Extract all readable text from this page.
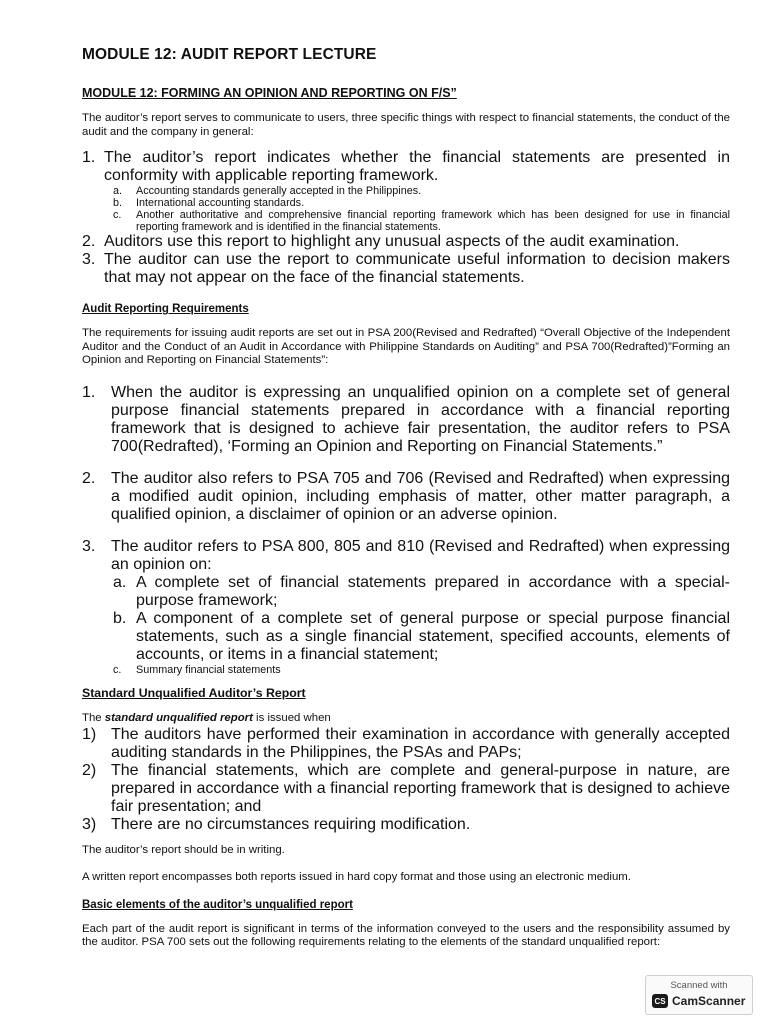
MODULE 12: AUDIT REPORT LECTURE
MODULE 12: FORMING AN OPINION AND REPORTING ON F/S”

The auditor’s report serves to communicate to users, three specific things with respect to financial statements, the conduct of the audit and the company in general:

1. The auditor’s report indicates whether the financial statements are presented in conformity with applicable reporting framework.
a.	Accounting standards generally accepted in the Philippines.
b.	International accounting standards.
c.	Another authoritative and comprehensive financial reporting framework which has been designed for use in financial reporting framework and is identified in the financial statements.
2. Auditors use this report to highlight any unusual aspects of the audit examination.
3. The auditor can use the report to communicate useful information to decision makers that may not appear on the face of the financial statements.
Audit Reporting Requirements

The requirements for issuing audit reports are set out in PSA 200(Revised and Redrafted) “Overall Objective of the Independent Auditor and the Conduct of an Audit in Accordance with Philippine Standards on Auditing” and PSA 700(Redrafted)”Forming an Opinion and Reporting on Financial Statements”:

1. When the auditor is expressing an unqualified opinion on a complete set of general purpose financial statements prepared in accordance with a financial reporting framework that is designed to achieve fair presentation, the auditor refers to PSA 700(Redrafted), ‘Forming an Opinion and Reporting on Financial Statements.”
2. The auditor also refers to PSA 705 and 706 (Revised and Redrafted) when expressing a modified audit opinion, including emphasis of matter, other matter paragraph, a qualified opinion, a disclaimer of opinion or an adverse opinion.
3. The auditor refers to PSA 800, 805 and 810 (Revised and Redrafted) when expressing an opinion on:
a. A complete set of financial statements prepared in accordance with a special-purpose framework;
b. A component of a complete set of general purpose or special purpose financial statements, such as a single financial statement, specified accounts, elements of accounts, or items in a financial statement;
c.	Summary financial statements
Standard Unqualified Auditor’s Report

The standard unqualified report is issued when

1) The auditors have performed their examination in accordance with generally accepted auditing standards in the Philippines, the PSAs and PAPs;
2) The financial statements, which are complete and general-purpose in nature, are prepared in accordance with a financial reporting framework that is designed to achieve fair presentation; and
3) There are no circumstances requiring modification.

The auditor’s report should be in writing.

A written report encompasses both reports issued in hard copy format and those using an electronic medium.

Basic elements of the auditor’s unqualified report

Each part of the audit report is significant in terms of the information conveyed to the users and the responsibility assumed by the auditor. PSA 700 sets out the following requirements relating to the elements of the standard unqualified report:

Scanned with
CS CamScanner
